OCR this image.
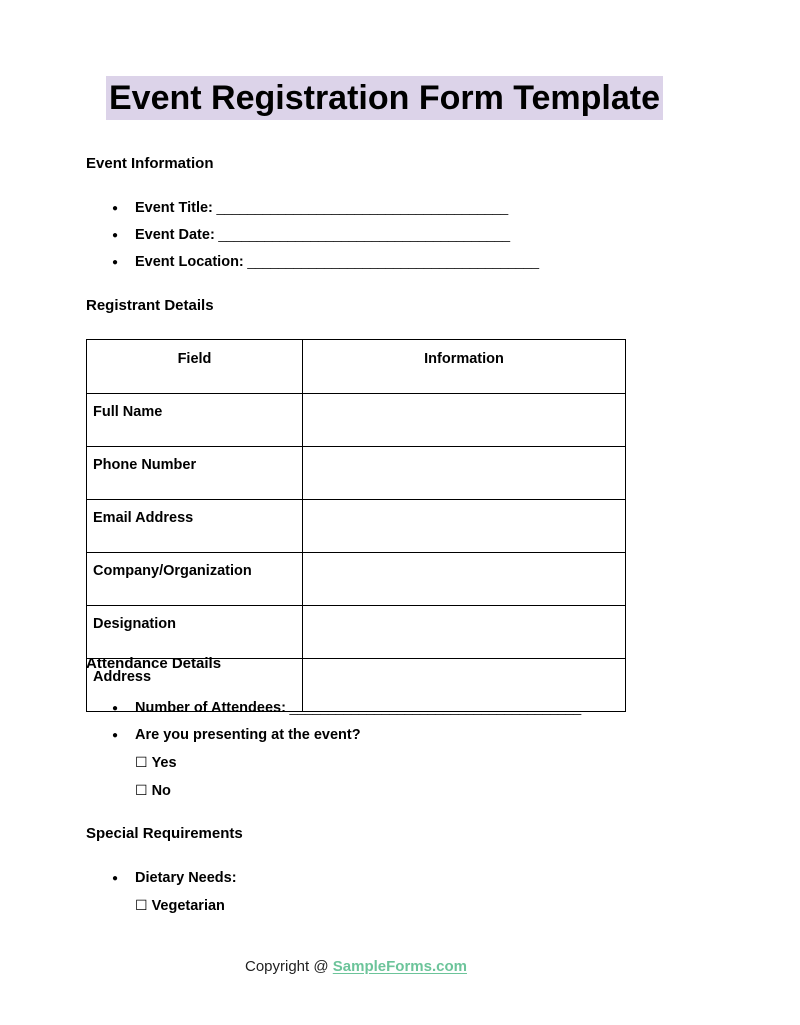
Event Registration Form Template
Event Information
● Event Title: ______________________________________
● Event Date: ______________________________________
● Event Location: ______________________________________
Registrant Details
Field	Information
Full Name	
Phone Number	
Email Address	
Company/Organization	
Designation	
Address	
Attendance Details
● Number of Attendees: ______________________________________
● Are you presenting at the event?
☐ Yes
☐ No
Special Requirements
● Dietary Needs:
☐ Vegetarian
Copyright @ SampleForms.com
